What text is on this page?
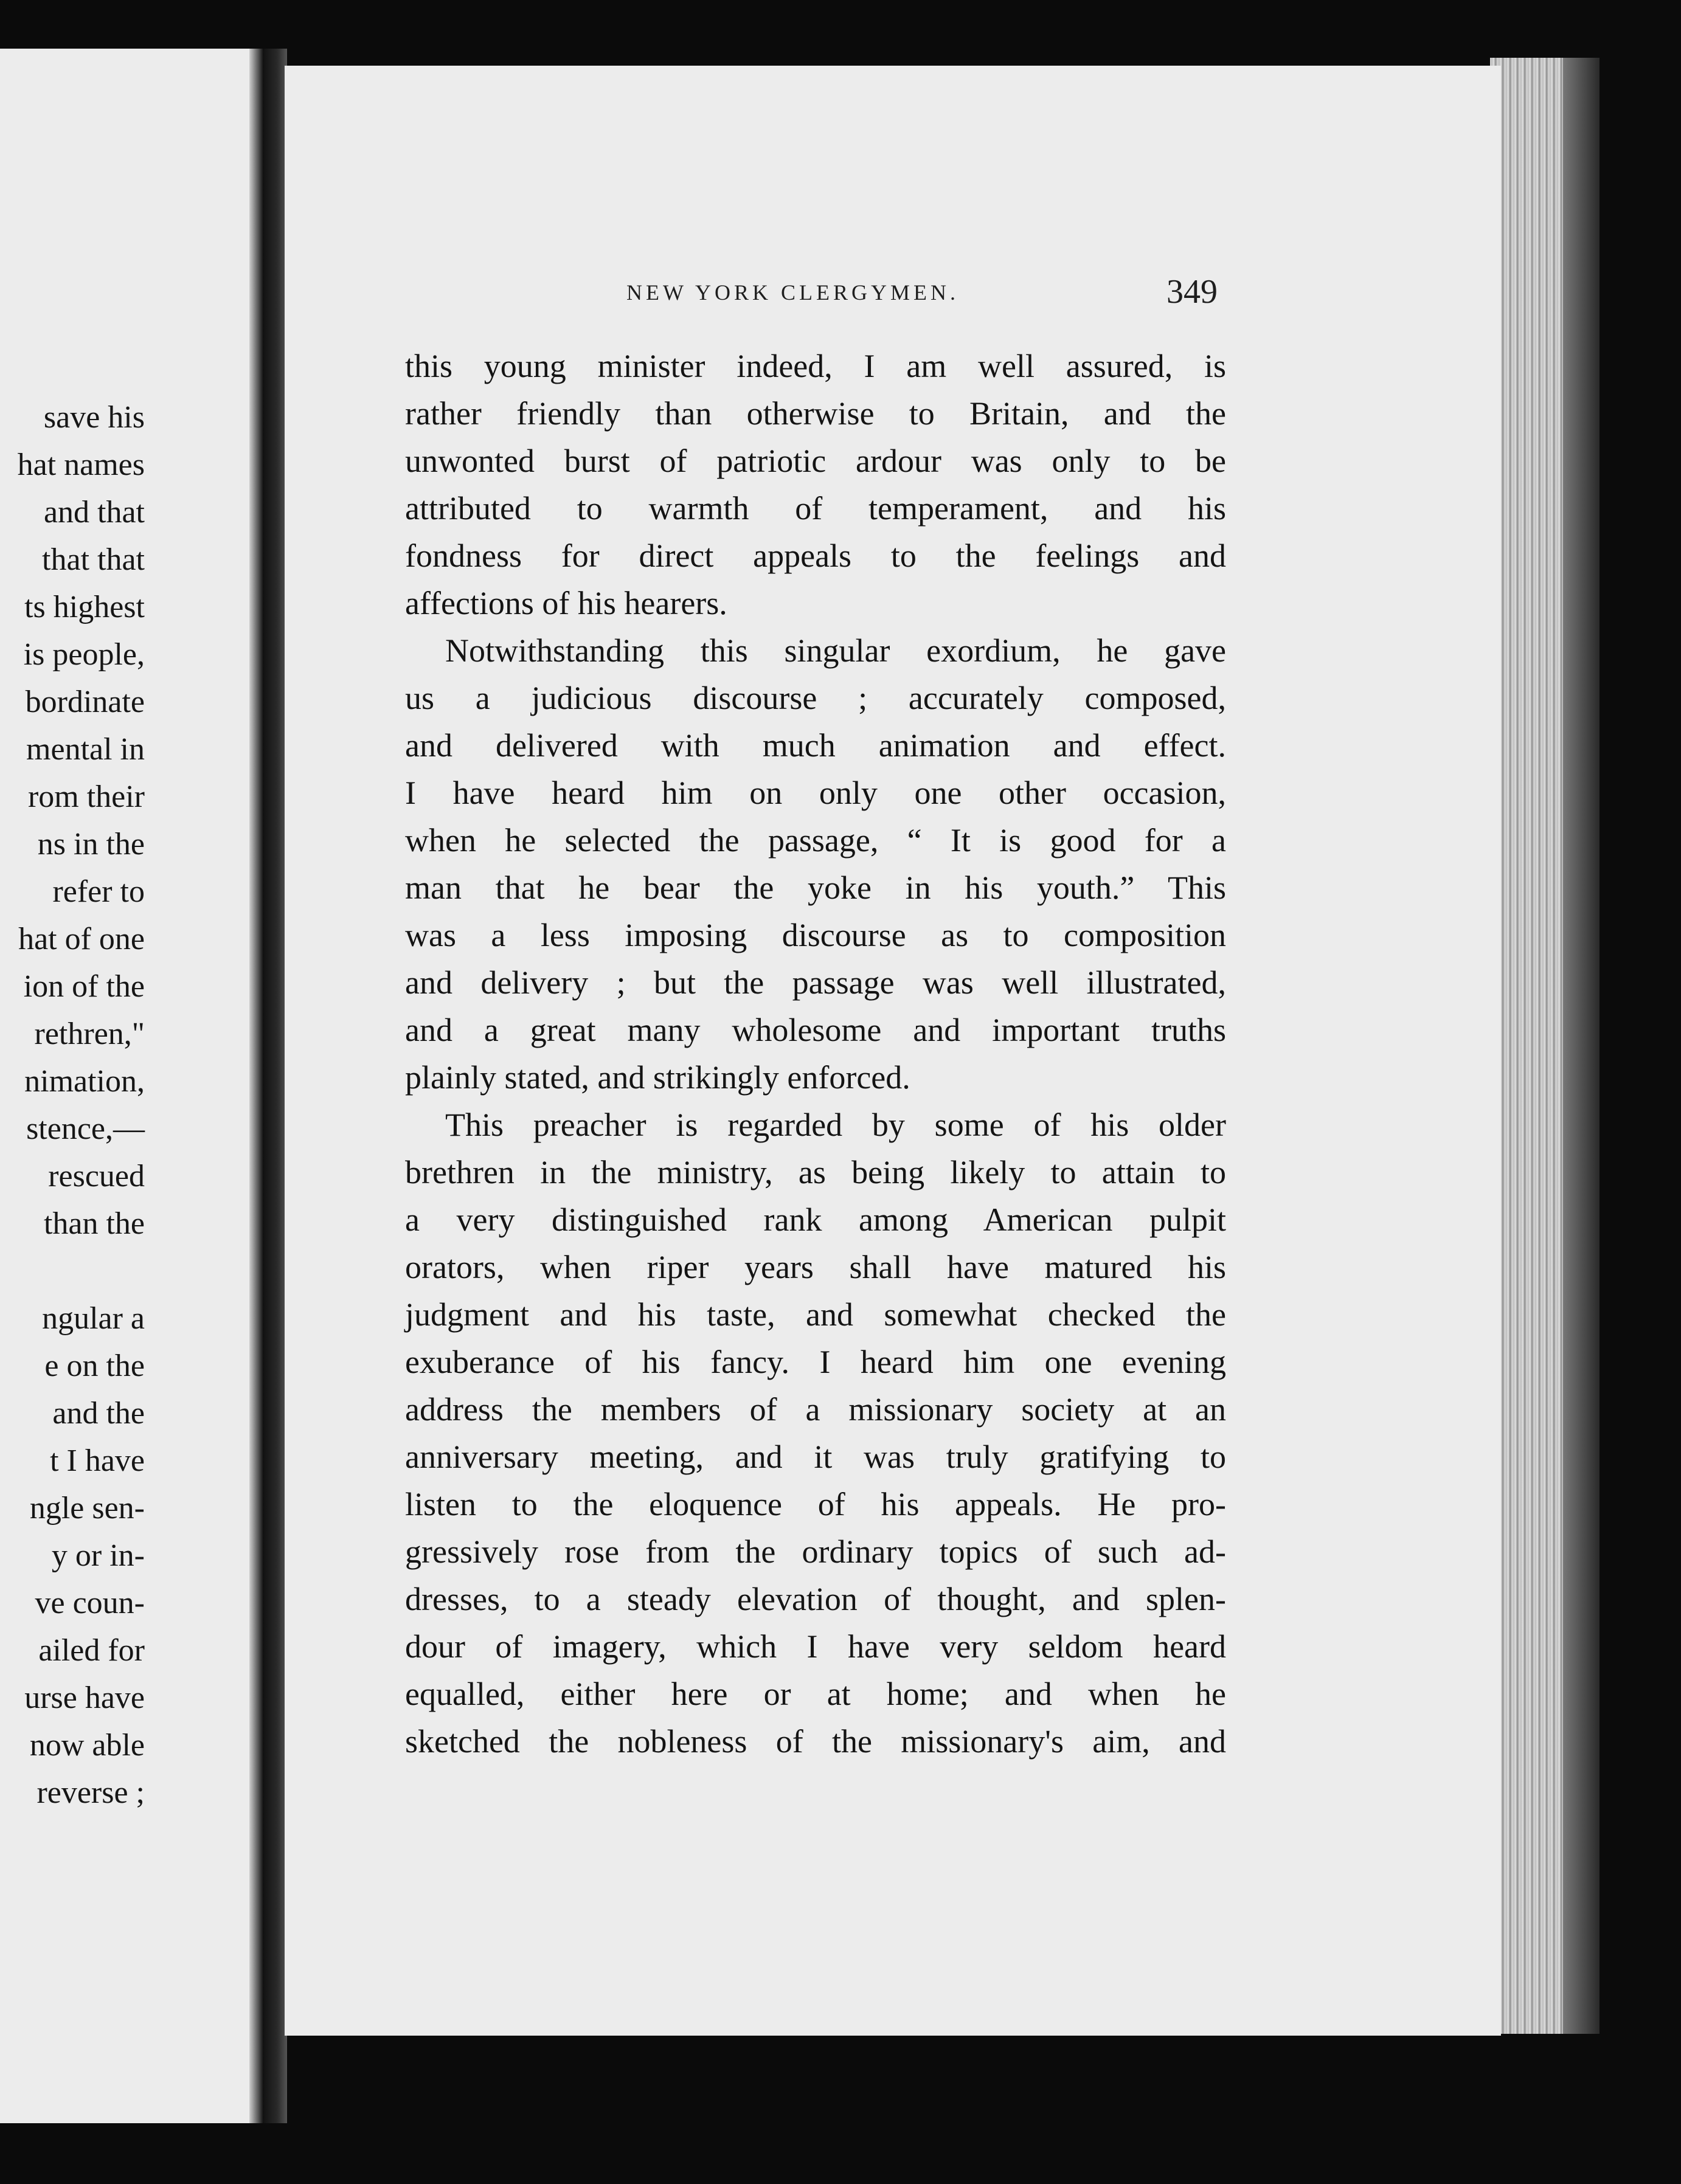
save his
hat names
and that
that that
ts highest
is people,
bordinate
mental in
rom their
ns in the
refer to
hat of one
ion of the
rethren,"
nimation,
stence,—
rescued
than the
ngular a
e on the
and the
t I have
ngle sen-
y or in-
ve coun-
ailed for
urse have
now able
reverse ;
NEW YORK CLERGYMEN.	349
this young minister indeed, I am well assured, is
rather friendly than otherwise to Britain, and the
unwonted burst of patriotic ardour was only to be
attributed to warmth of temperament, and his
fondness for direct appeals to the feelings and
affections of his hearers.
Notwithstanding this singular exordium, he gave
us a judicious discourse ; accurately composed,
and delivered with much animation and effect.
I have heard him on only one other occasion,
when he selected the passage, “ It is good for a
man that he bear the yoke in his youth.” This
was a less imposing discourse as to composition
and delivery ; but the passage was well illustrated,
and a great many wholesome and important truths
plainly stated, and strikingly enforced.
This preacher is regarded by some of his older
brethren in the ministry, as being likely to attain to
a very distinguished rank among American pulpit
orators, when riper years shall have matured his
judgment and his taste, and somewhat checked the
exuberance of his fancy. I heard him one evening
address the members of a missionary society at an
anniversary meeting, and it was truly gratifying to
listen to the eloquence of his appeals. He pro-
gressively rose from the ordinary topics of such ad-
dresses, to a steady elevation of thought, and splen-
dour of imagery, which I have very seldom heard
equalled, either here or at home; and when he
sketched the nobleness of the missionary's aim, and
